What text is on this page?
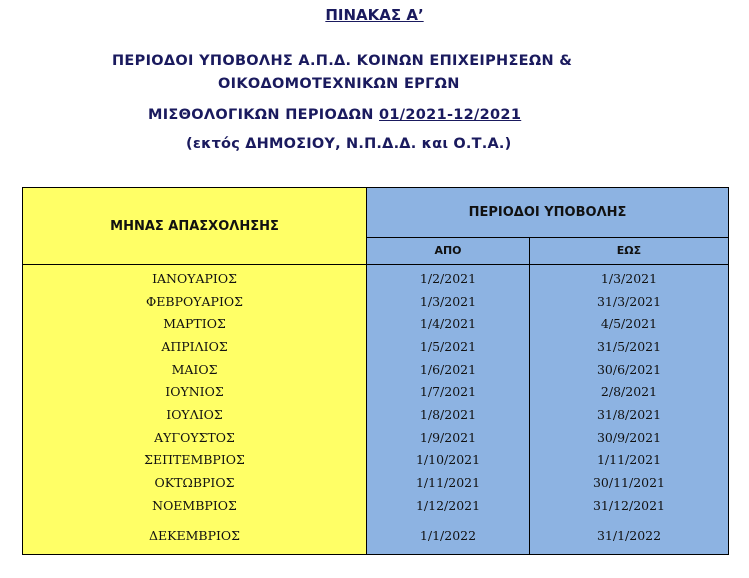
ΠΙΝΑΚΑΣ Α’
ΠΕΡΙΟΔΟΙ ΥΠΟΒΟΛΗΣ Α.Π.Δ. ΚΟΙΝΩΝ ΕΠΙΧΕΙΡΗΣΕΩΝ &
ΟΙΚΟΔΟΜΟΤΕΧΝΙΚΩΝ ΕΡΓΩΝ
ΜΙΣΘΟΛΟΓΙΚΩΝ ΠΕΡΙΟΔΩΝ 01/2021-12/2021
(εκτός ΔΗΜΟΣΙΟΥ, Ν.Π.Δ.Δ. και Ο.Τ.Α.)
ΜΗΝΑΣ ΑΠΑΣΧΟΛΗΣΗΣ	ΠΕΡΙΟΔΟΙ ΥΠΟΒΟΛΗΣ	
	ΑΠΟ	ΕΩΣ
ΙΑΝΟΥΑΡΙΟΣ	1/2/2021	1/3/2021
ΦΕΒΡΟΥΑΡΙΟΣ	1/3/2021	31/3/2021
ΜΑΡΤΙΟΣ	1/4/2021	4/5/2021
ΑΠΡΙΛΙΟΣ	1/5/2021	31/5/2021
ΜΑΙΟΣ	1/6/2021	30/6/2021
ΙΟΥΝΙΟΣ	1/7/2021	2/8/2021
ΙΟΥΛΙΟΣ	1/8/2021	31/8/2021
ΑΥΓΟΥΣΤΟΣ	1/9/2021	30/9/2021
ΣΕΠΤΕΜΒΡΙΟΣ	1/10/2021	1/11/2021
ΟΚΤΩΒΡΙΟΣ	1/11/2021	30/11/2021
ΝΟΕΜΒΡΙΟΣ	1/12/2021	31/12/2021
ΔΕΚΕΜΒΡΙΟΣ	1/1/2022	31/1/2022
